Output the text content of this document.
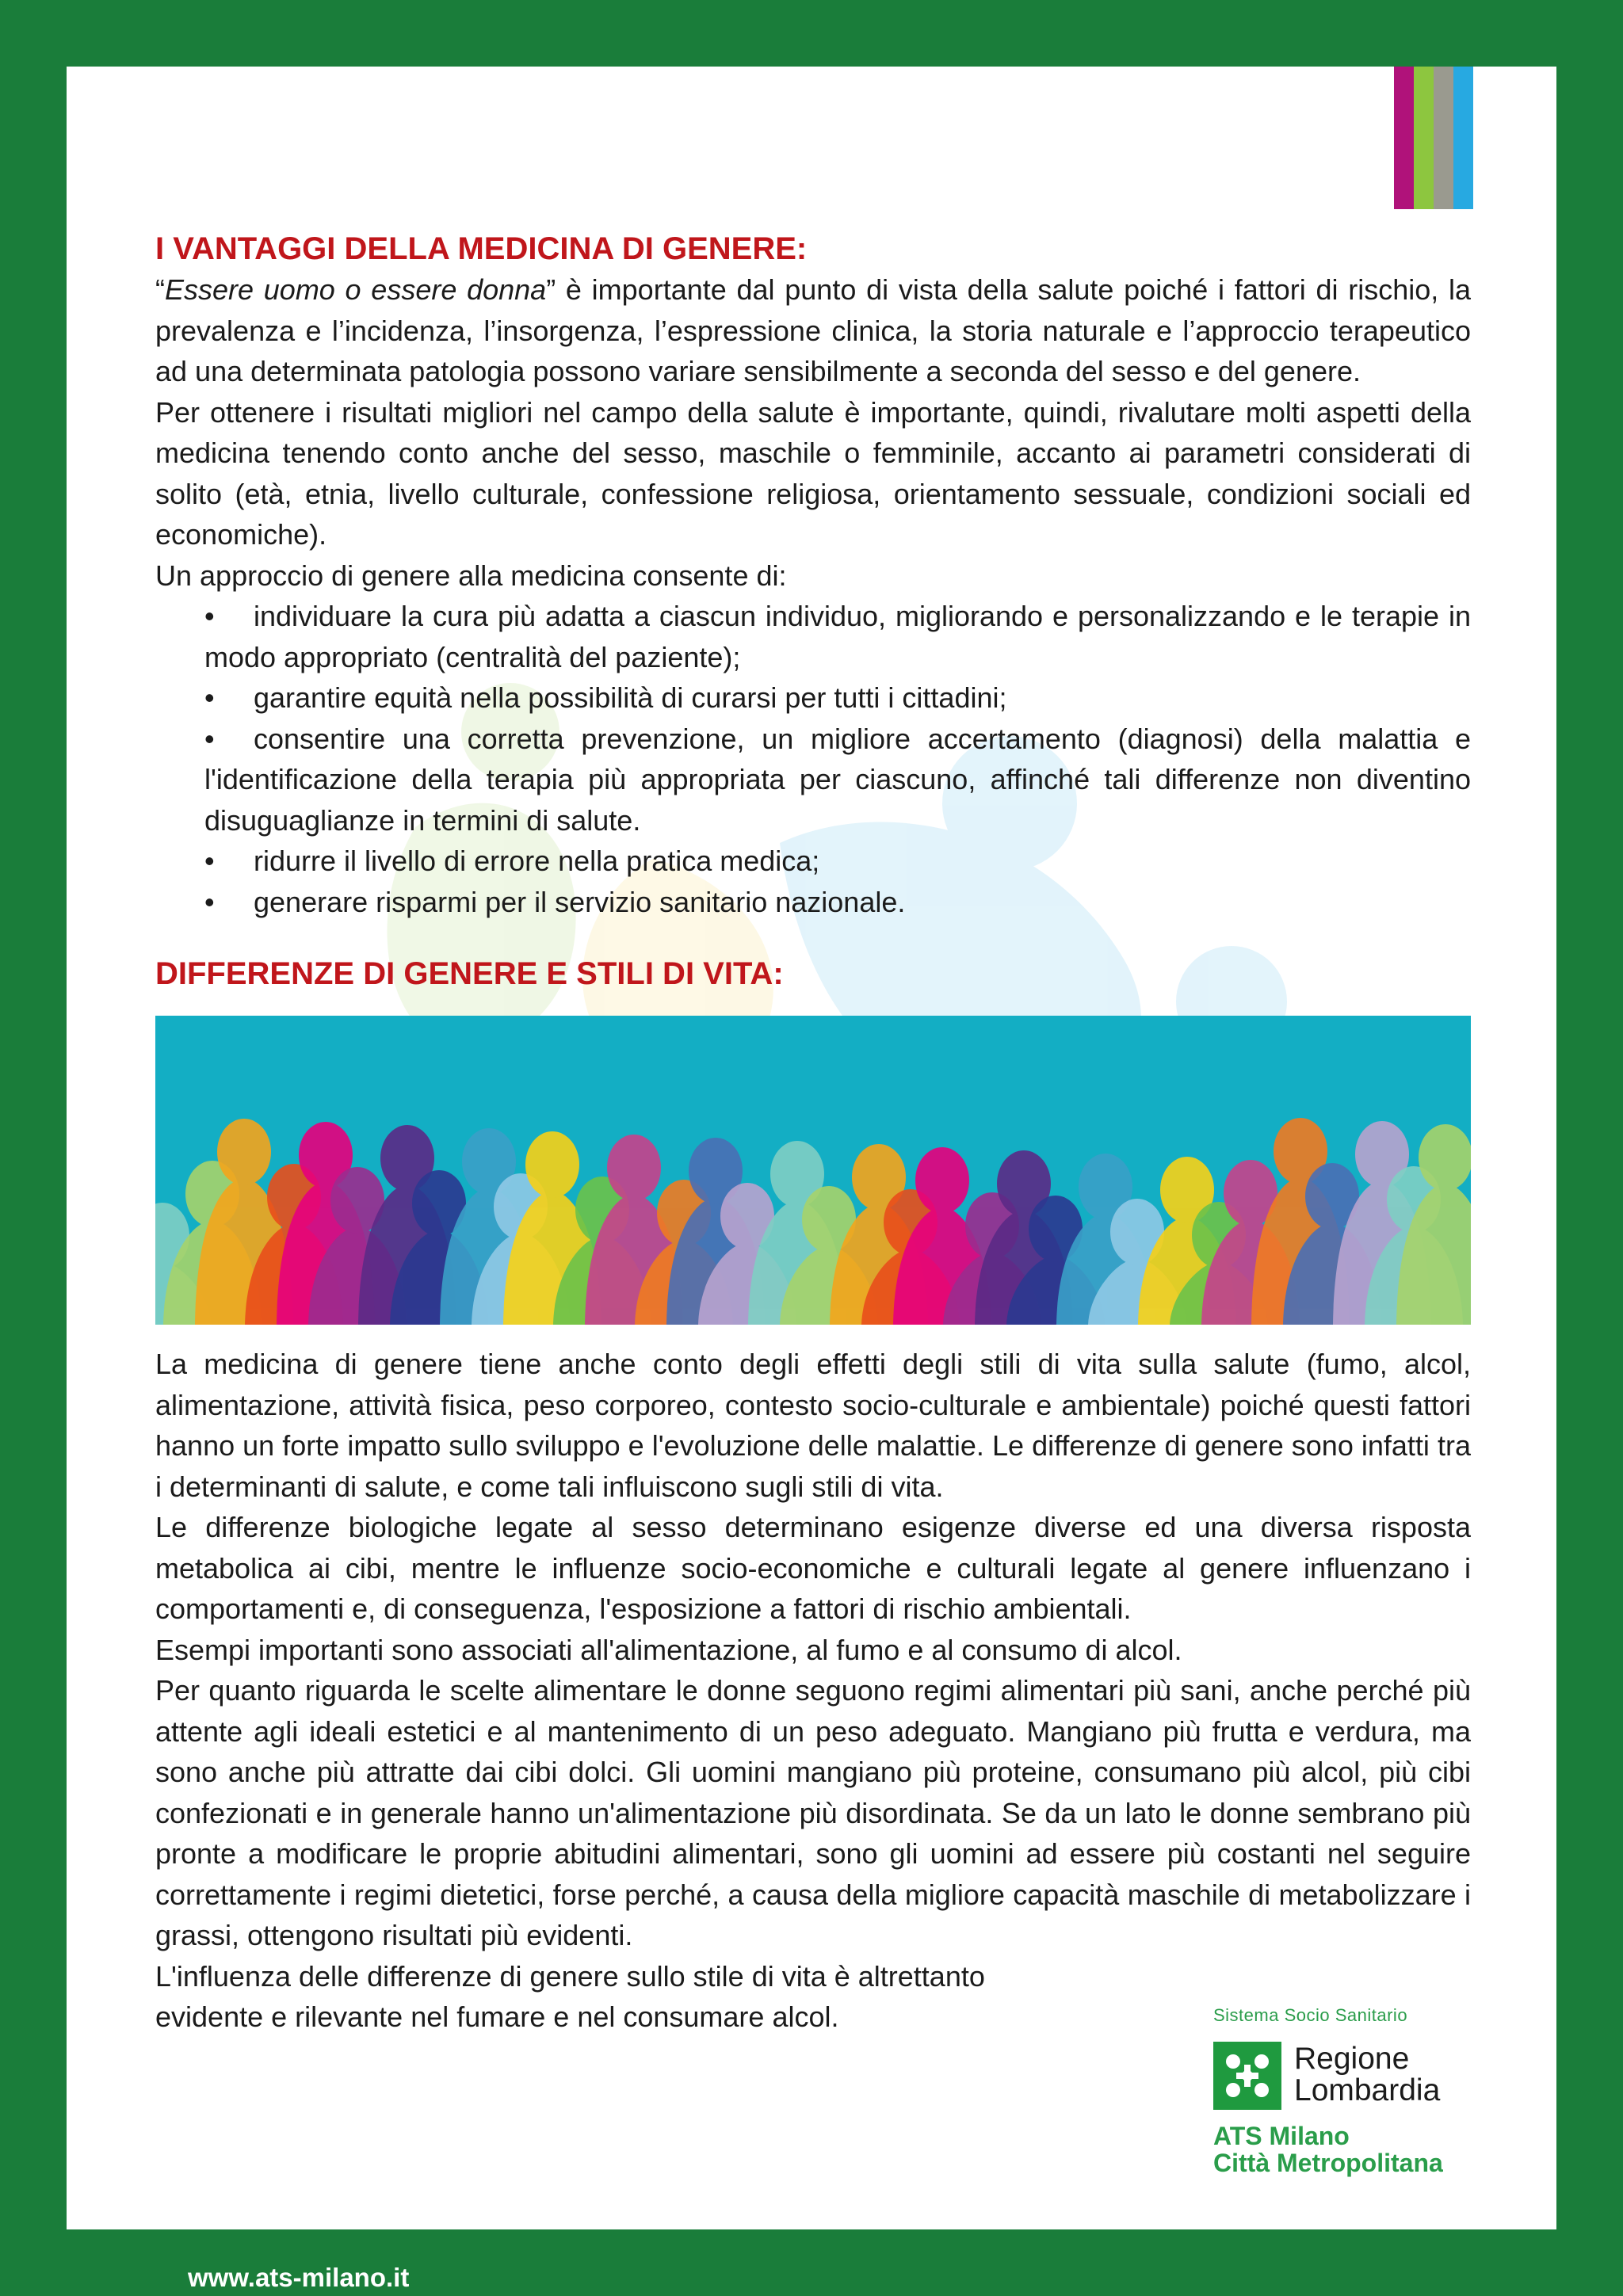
I VANTAGGI DELLA MEDICINA DI GENERE:

“Essere uomo o essere donna” è importante dal punto di vista della salute poiché i fattori di rischio, la prevalenza e l’incidenza, l’insorgenza, l’espressione clinica, la storia naturale e l’approccio terapeutico ad una determinata patologia possono variare sensibilmente a seconda del sesso e del genere.

Per ottenere i risultati migliori nel campo della salute è importante, quindi, rivalutare molti aspetti della medicina tenendo conto anche del sesso, maschile o femminile, accanto ai parametri considerati di solito (età, etnia, livello culturale, confessione religiosa, orientamento sessuale, condizioni sociali ed economiche).

Un approccio di genere alla medicina consente di:

• individuare la cura più adatta a ciascun individuo, migliorando e personalizzando e le terapie in modo appropriato (centralità del paziente);
• garantire equità nella possibilità di curarsi per tutti i cittadini;
• consentire una corretta prevenzione, un migliore accertamento (diagnosi) della malattia e l'identificazione della terapia più appropriata per ciascuno, affinché tali differenze non diventino disuguaglianze in termini di salute.
• ridurre il livello di errore nella pratica medica;
• generare risparmi per il servizio sanitario nazionale.
DIFFERENZE DI GENERE E STILI DI VITA:

La medicina di genere tiene anche conto degli effetti degli stili di vita sulla salute (fumo, alcol, alimentazione, attività fisica, peso corporeo, contesto socio-culturale e ambientale) poiché questi fattori hanno un forte impatto sullo sviluppo e l'evoluzione delle malattie. Le differenze di genere sono infatti tra i determinanti di salute, e come tali influiscono sugli stili di vita.

Le differenze biologiche legate al sesso determinano esigenze diverse ed una diversa risposta metabolica ai cibi, mentre le influenze socio-economiche e culturali legate al genere influenzano i comportamenti e, di conseguenza, l'esposizione a fattori di rischio ambientali.

Esempi importanti sono associati all'alimentazione, al fumo e al consumo di alcol.

Per quanto riguarda le scelte alimentare le donne seguono regimi alimentari più sani, anche perché più attente agli ideali estetici e al mantenimento di un peso adeguato. Mangiano più frutta e verdura, ma sono anche più attratte dai cibi dolci. Gli uomini mangiano più proteine, consumano più alcol, più cibi confezionati e in generale hanno un'alimentazione più disordinata. Se da un lato le donne sembrano più pronte a modificare le proprie abitudini alimentari, sono gli uomini ad essere più costanti nel seguire correttamente i regimi dietetici, forse perché, a causa della migliore capacità maschile di metabolizzare i grassi, ottengono risultati più evidenti.

L'influenza delle differenze di genere sullo stile di vita è altrettanto evidente e rilevante nel fumare e nel consumare alcol.	Sistema Socio Sanitario
Regione
Lombardia
ATS Milano
Città Metropolitana
www.ats-milano.it
